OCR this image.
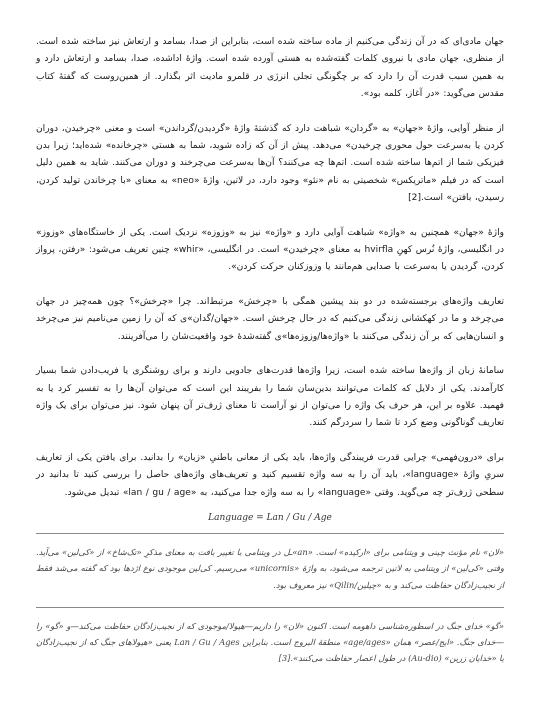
جهان مادی‌ای که در آن زندگی می‌کنیم از ماده ساخته شده است، بنابراین از صدا، بسامد و ارتعاش نیز ساخته شده است. از منظری، جهان مادی با نیروی کلمات گفته‌شده به هستی آورده شده است. واژهٔ ادا‌شده، صدا، بسامد و ارتعاش دارد و به همین سبب قدرت آن را دارد که بر چگونگی تجلی انرژی در قلمرو مادیت اثر بگذارد. از همین‌روست که گفتهٔ کتاب مقدس می‌گوید: «در آغاز، کلمه بود».

از منظر آوایی، واژهٔ «جهان» به «گردان» شباهت دارد که گذشتهٔ واژهٔ «گردیدن/گرداندن» است و معنی «چرخیدن، دوران کردن یا به‌سرعت حول محوری چرخیدن» می‌دهد. پیش از آن که زاده شوید، شما به هستی «چرخانده» شده‌اید؛ زیرا بدن فیزیکی شما از اتم‌ها ساخته شده است. اتم‌ها چه می‌کنند؟ آن‌ها به‌سرعت می‌چرخند و دوران می‌کنند. شاید به همین دلیل است که در فیلم «ماتریکس» شخصیتی به نام «نئو» وجود دارد، در لاتین، واژهٔ «neo» به معنای «با چرخاندن تولید کردن، رسیدن، بافتن» است.[2]

واژهٔ «جهان» همچنین به «واژه» شباهت آوایی دارد و «واژه» نیز به «وزوزه» نزدیک است. یکی از خاستگاه‌های «وزوز» در انگلیسی، واژهٔ نُرس کهنِ hvirfla به معنای «چرخیدن» است. در انگلیسی، «whir» چنین تعریف می‌شود: «رفتن، پرواز کردن، گردیدن یا به‌سرعت با صدایی هم‌مانند یا وزوزکنان حرکت کردن».

تعاریف واژه‌های برجسته‌شده در دو بند پیشین همگی با «چرخش» مرتبط‌اند. چرا «چرخش»؟ چون همه‌چیز در جهان می‌چرخد و ما در کهکشانی زندگی می‌کنیم که در حال چرخش است. «جهان/گدان»ی که آن را زمین می‌نامیم نیز می‌چرخد و انسان‌هایی که بر آن زندگی می‌کنند با «واژه‌ها/وزوزه‌ها»ی گفته‌شدهٔ خود واقعیت‌شان را می‌آفرینند.

سامانهٔ زبان از واژه‌ها ساخته شده است، زیرا واژه‌ها قدرت‌های جادویی دارند و برای روشنگری یا فریب‌دادن شما بسیار کارآمدند. یکی از دلایل که کلمات می‌توانند بدین‌سان شما را بفریبند این است که می‌توان آن‌ها را به تفسیر کرد یا به فهمید. علاوه بر این، هر حرف یک واژه را می‌توان از نو آراست تا معنای ژرف‌تر آن پنهان شود. نیز می‌توان برای یک واژه تعاریف گوناگونی وضع کرد تا شما را سردرگم کنند.

برای «درون‌فهمی» چرایی قدرت فریبندگی واژه‌ها، باید یکی از معانی باطنیِ «زبان» را بدانید. برای یافتن یکی از تعاریف سریِ واژهٔ «language»، باید آن را به سه واژه تقسیم کنید و تعریف‌های واژه‌های حاصل را بررسی کنید تا بدانید در سطحی ژرف‌تر چه می‌گوید. وقتی «language» را به سه واژه جدا می‌کنید، به «lan / gu / age» تبدیل می‌شود.

Language = Lan / Gu / Age

«لان» نام مؤنث چینی و ویتنامی برای «ارکیده» است. «an»ـل در ویتنامی با تغییر بافت به معنای مذکرِ «تک‌شاخ» از «کی‌لین» می‌آید. وقتی «کی‌لین» از ویتنامی به لاتین ترجمه می‌شود، به واژهٔ «unicornis» می‌رسیم. کی‌لین موجودی نوع اژدها بود که گفته می‌شد فقط از نجیب‌زادگان حفاظت می‌کند و به «چیلین/Qilin» نیز معروف بود.

«گو» خدای جنگ در اسطوره‌شناسی داهومه است. اکنون «لان» را داریم—هیولا/موجودی که از نجیب‌زادگان حفاظت می‌کند—و «گو» را—خدای جنگ. «ایج/عصر» همان «age/ages» منطقهٔ البروج است. بنابراین Lan / Gu / Ages یعنی «هیولاهای جنگ که از نجیب‌زادگان یا «خدایان زرین» (Au-dio) در طول اعصار حفاظت می‌کنند».[3]
